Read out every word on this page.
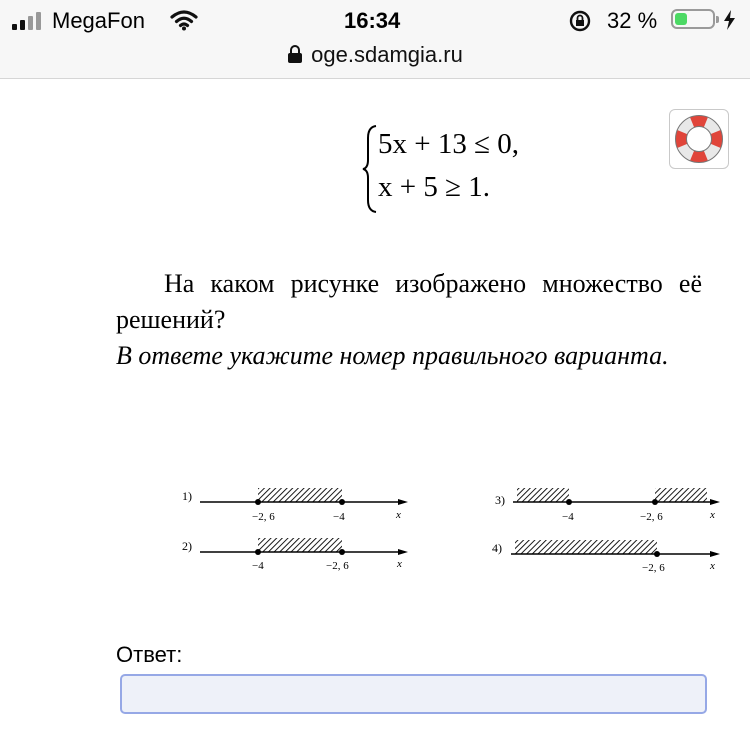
MegaFon	16:34	32 %
oge.sdamgia.ru
5x + 13 ≤ 0,
x + 5 ≥ 1.
На каком рисунке изображено множество её решений?
В ответе укажите номер правильного варианта.
1)
−2, 6	−4	x
2)
−4	−2, 6	x
3)
−4	−2, 6	x
4)
−2, 6	x
Ответ:
